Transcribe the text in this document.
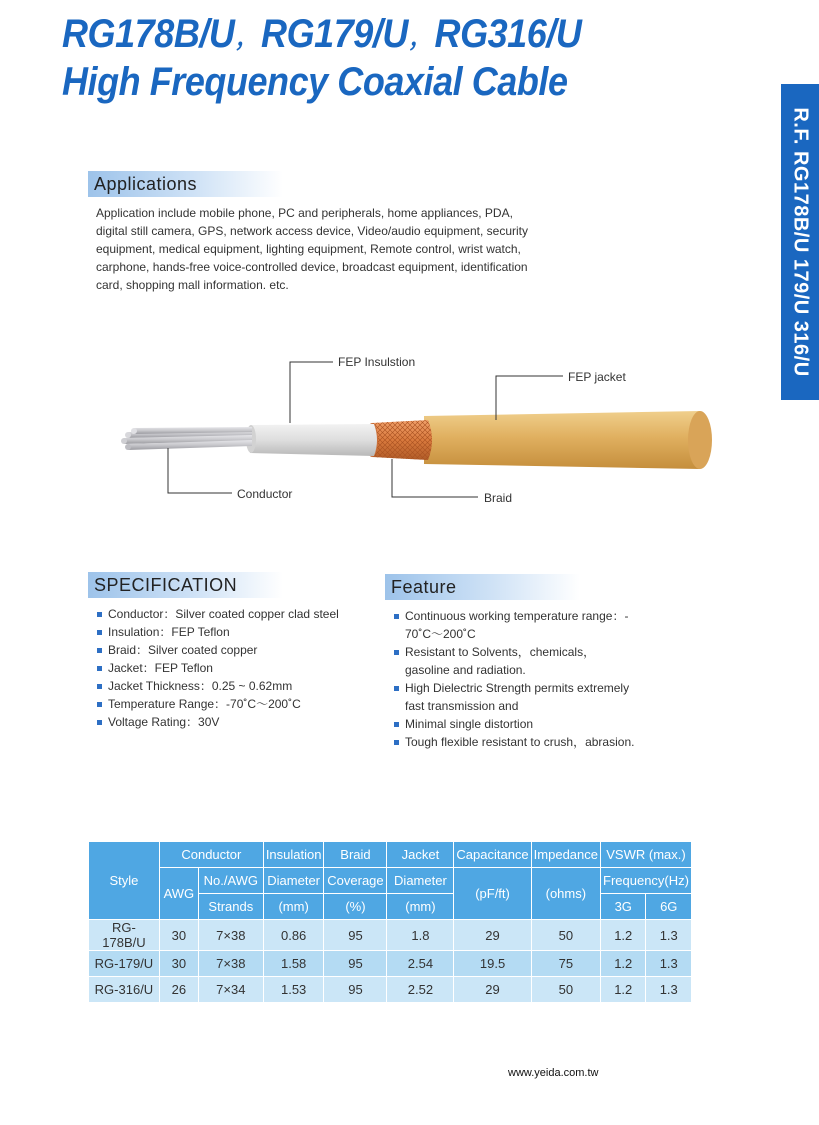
RG178B/U，RG179/U，RG316/U
High Frequency Coaxial Cable
R.F. RG178B/U 179/U 316/U
Applications
Application include mobile phone, PC and peripherals, home appliances, PDA,
digital still camera, GPS, network access device, Video/audio equipment, security
equipment, medical equipment, lighting equipment, Remote control, wrist watch,
carphone, hands-free voice-controlled device, broadcast equipment, identification
card, shopping mall information. etc.
FEP Insulstion
FEP jacket
Conductor	Braid
SPECIFICATION
Conductor：Silver coated copper clad steel
Insulation：FEP Teflon
Braid：Silver coated copper
Jacket：FEP Teflon
Jacket Thickness：0.25 ~ 0.62mm
Temperature Range：-70˚C～200˚C
Voltage Rating：30V
Feature
Continuous working temperature range：-
70˚C～200˚C
Resistant to Solvents，chemicals，
gasoline and radiation.
High Dielectric Strength permits extremely
fast transmission and
Minimal single distortion
Tough flexible resistant to crush，abrasion.
Style	Conductor		Insulation	Braid	Jacket	Capacitance	Impedance	VSWR (max.)	
	AWG	No./AWG	Diameter	Coverage	Diameter	(pF/ft)	(ohms)	Frequency(Hz)	
		Strands	(mm)	(%)	(mm)			3G	6G
RG-178B/U	30	7×38	0.86	95	1.8	29	50	1.2	1.3
RG-179/U	30	7×38	1.58	95	2.54	19.5	75	1.2	1.3
RG-316/U	26	7×34	1.53	95	2.52	29	50	1.2	1.3
www.yeida.com.tw
